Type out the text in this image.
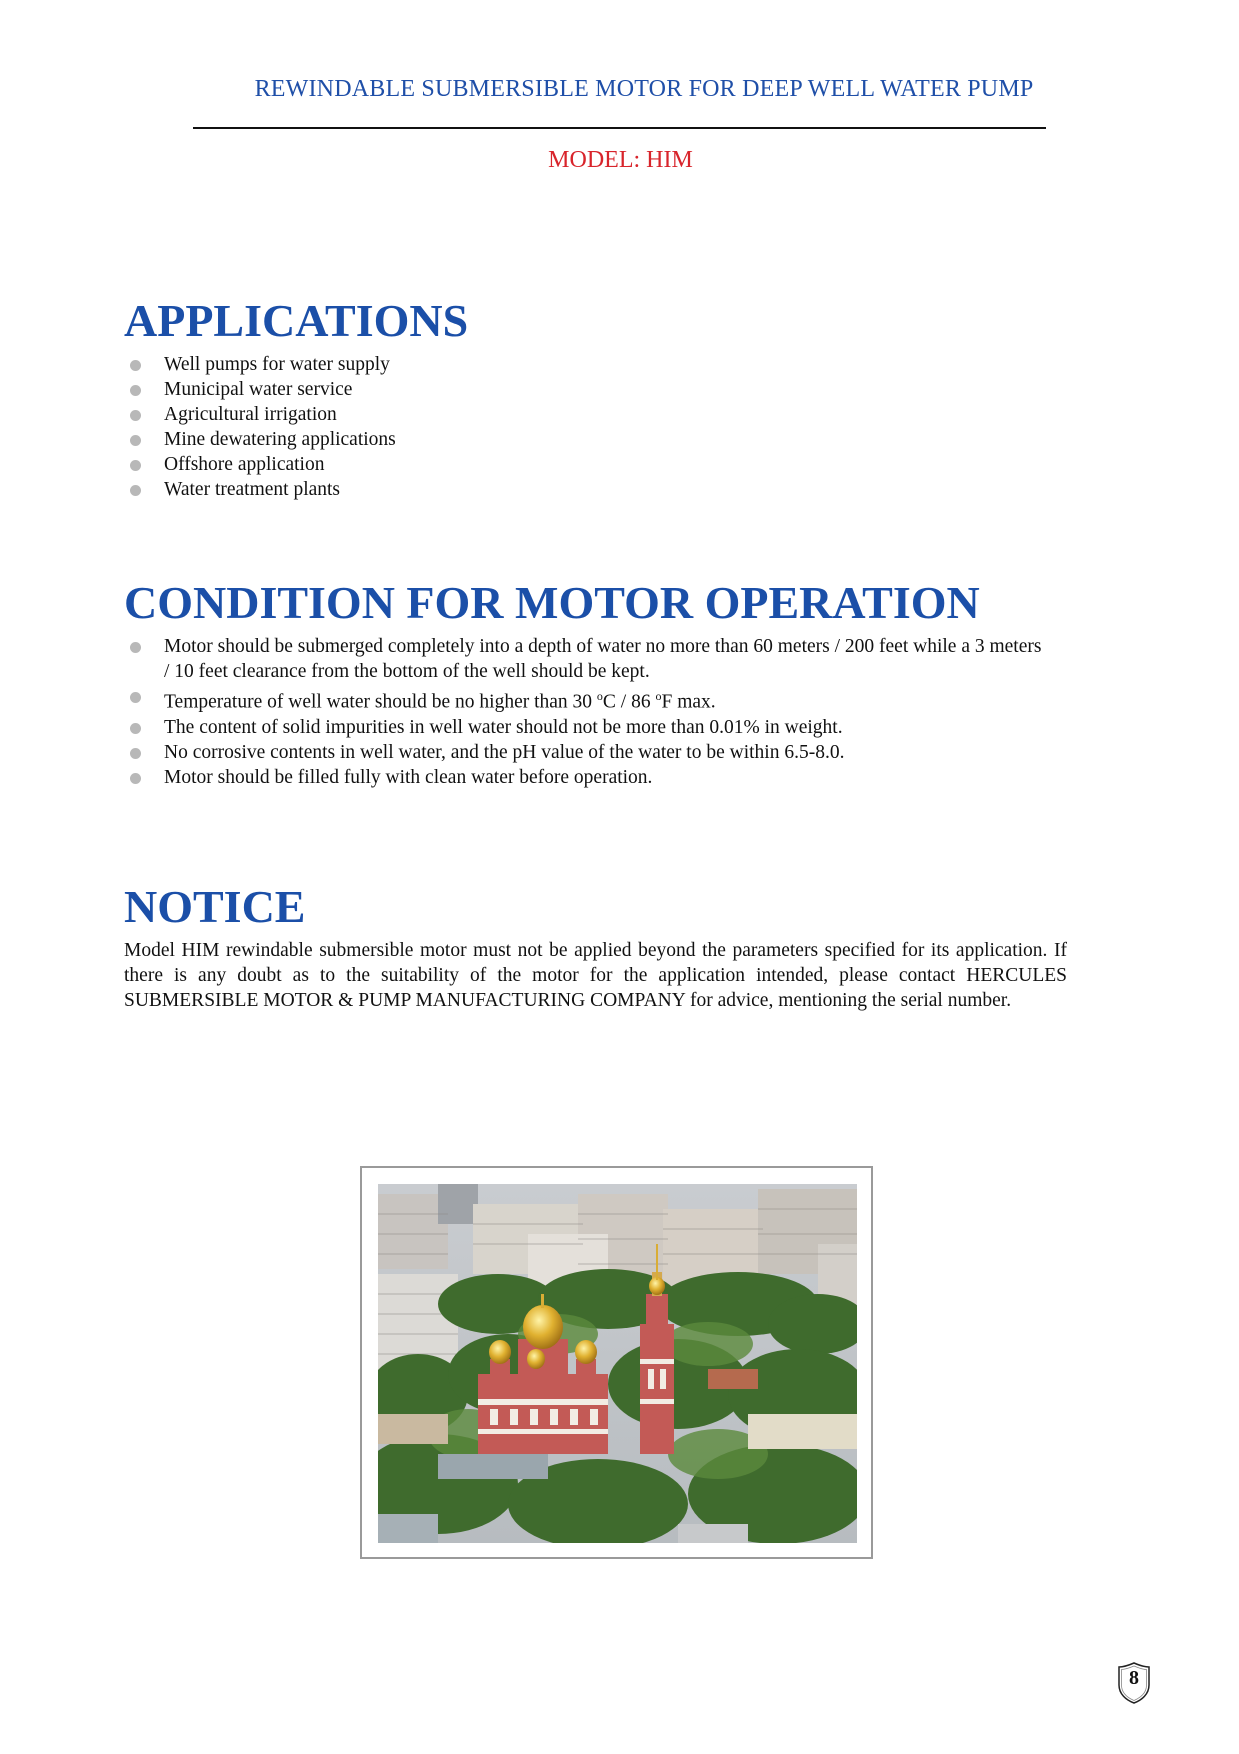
REWINDABLE SUBMERSIBLE MOTOR FOR DEEP WELL WATER PUMP
MODEL: HIM
APPLICATIONS
Well pumps for water supply
Municipal water service
Agricultural irrigation
Mine dewatering applications
Offshore application
Water treatment plants
CONDITION FOR MOTOR OPERATION
Motor should be submerged completely into a depth of water no more than 60 meters / 200 feet while a 3 meters / 10 feet clearance from the bottom of the well should be kept.
Temperature of well water should be no higher than 30 $^o$C / 86 $^o$F max.
The content of solid impurities in well water should not be more than 0.01% in weight.
No corrosive contents in well water, and the pH value of the water to be within 6.5-8.0.
Motor should be filled fully with clean water before operation.
NOTICE

Model HIM rewindable submersible motor must not be applied beyond the parameters specified for its application. If there is any doubt as to the suitability of the motor for the application intended, please contact HERCULES SUBMERSIBLE MOTOR & PUMP MANUFACTURING COMPANY for advice, mentioning the serial number.

8
